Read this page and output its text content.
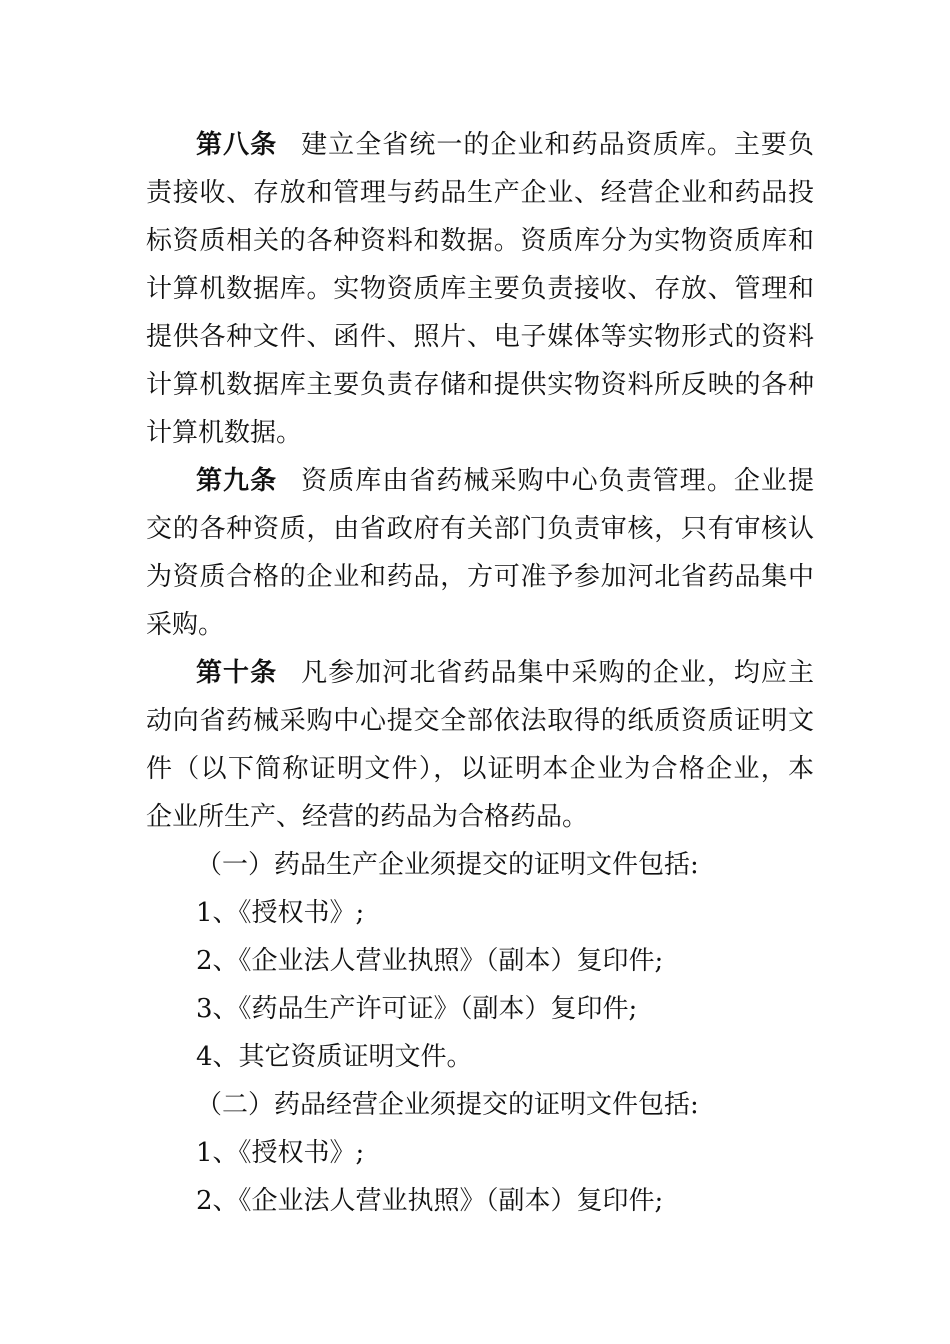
第八条 建立全省统一的企业和药品资质库。主要负
责接收、存放和管理与药品生产企业、经营企业和药品投
标资质相关的各种资料和数据。资质库分为实物资质库和
计算机数据库。实物资质库主要负责接收、存放、管理和
提供各种文件、函件、照片、电子媒体等实物形式的资料
计算机数据库主要负责存储和提供实物资料所反映的各种
计算机数据。
第九条 资质库由省药械采购中心负责管理。企业提
交的各种资质，由省政府有关部门负责审核，只有审核认
为资质合格的企业和药品，方可准予参加河北省药品集中
采购。
第十条 凡参加河北省药品集中采购的企业，均应主
动向省药械采购中心提交全部依法取得的纸质资质证明文
件（以下简称证明文件），以证明本企业为合格企业，本
企业所生产、经营的药品为合格药品。
（一）药品生产企业须提交的证明文件包括:
1、《授权书》;
2、《企业法人营业执照》（副本）复印件;
3、《药品生产许可证》（副本）复印件;
4、其它资质证明文件。
（二）药品经营企业须提交的证明文件包括:
1、《授权书》;
2、《企业法人营业执照》（副本）复印件;
